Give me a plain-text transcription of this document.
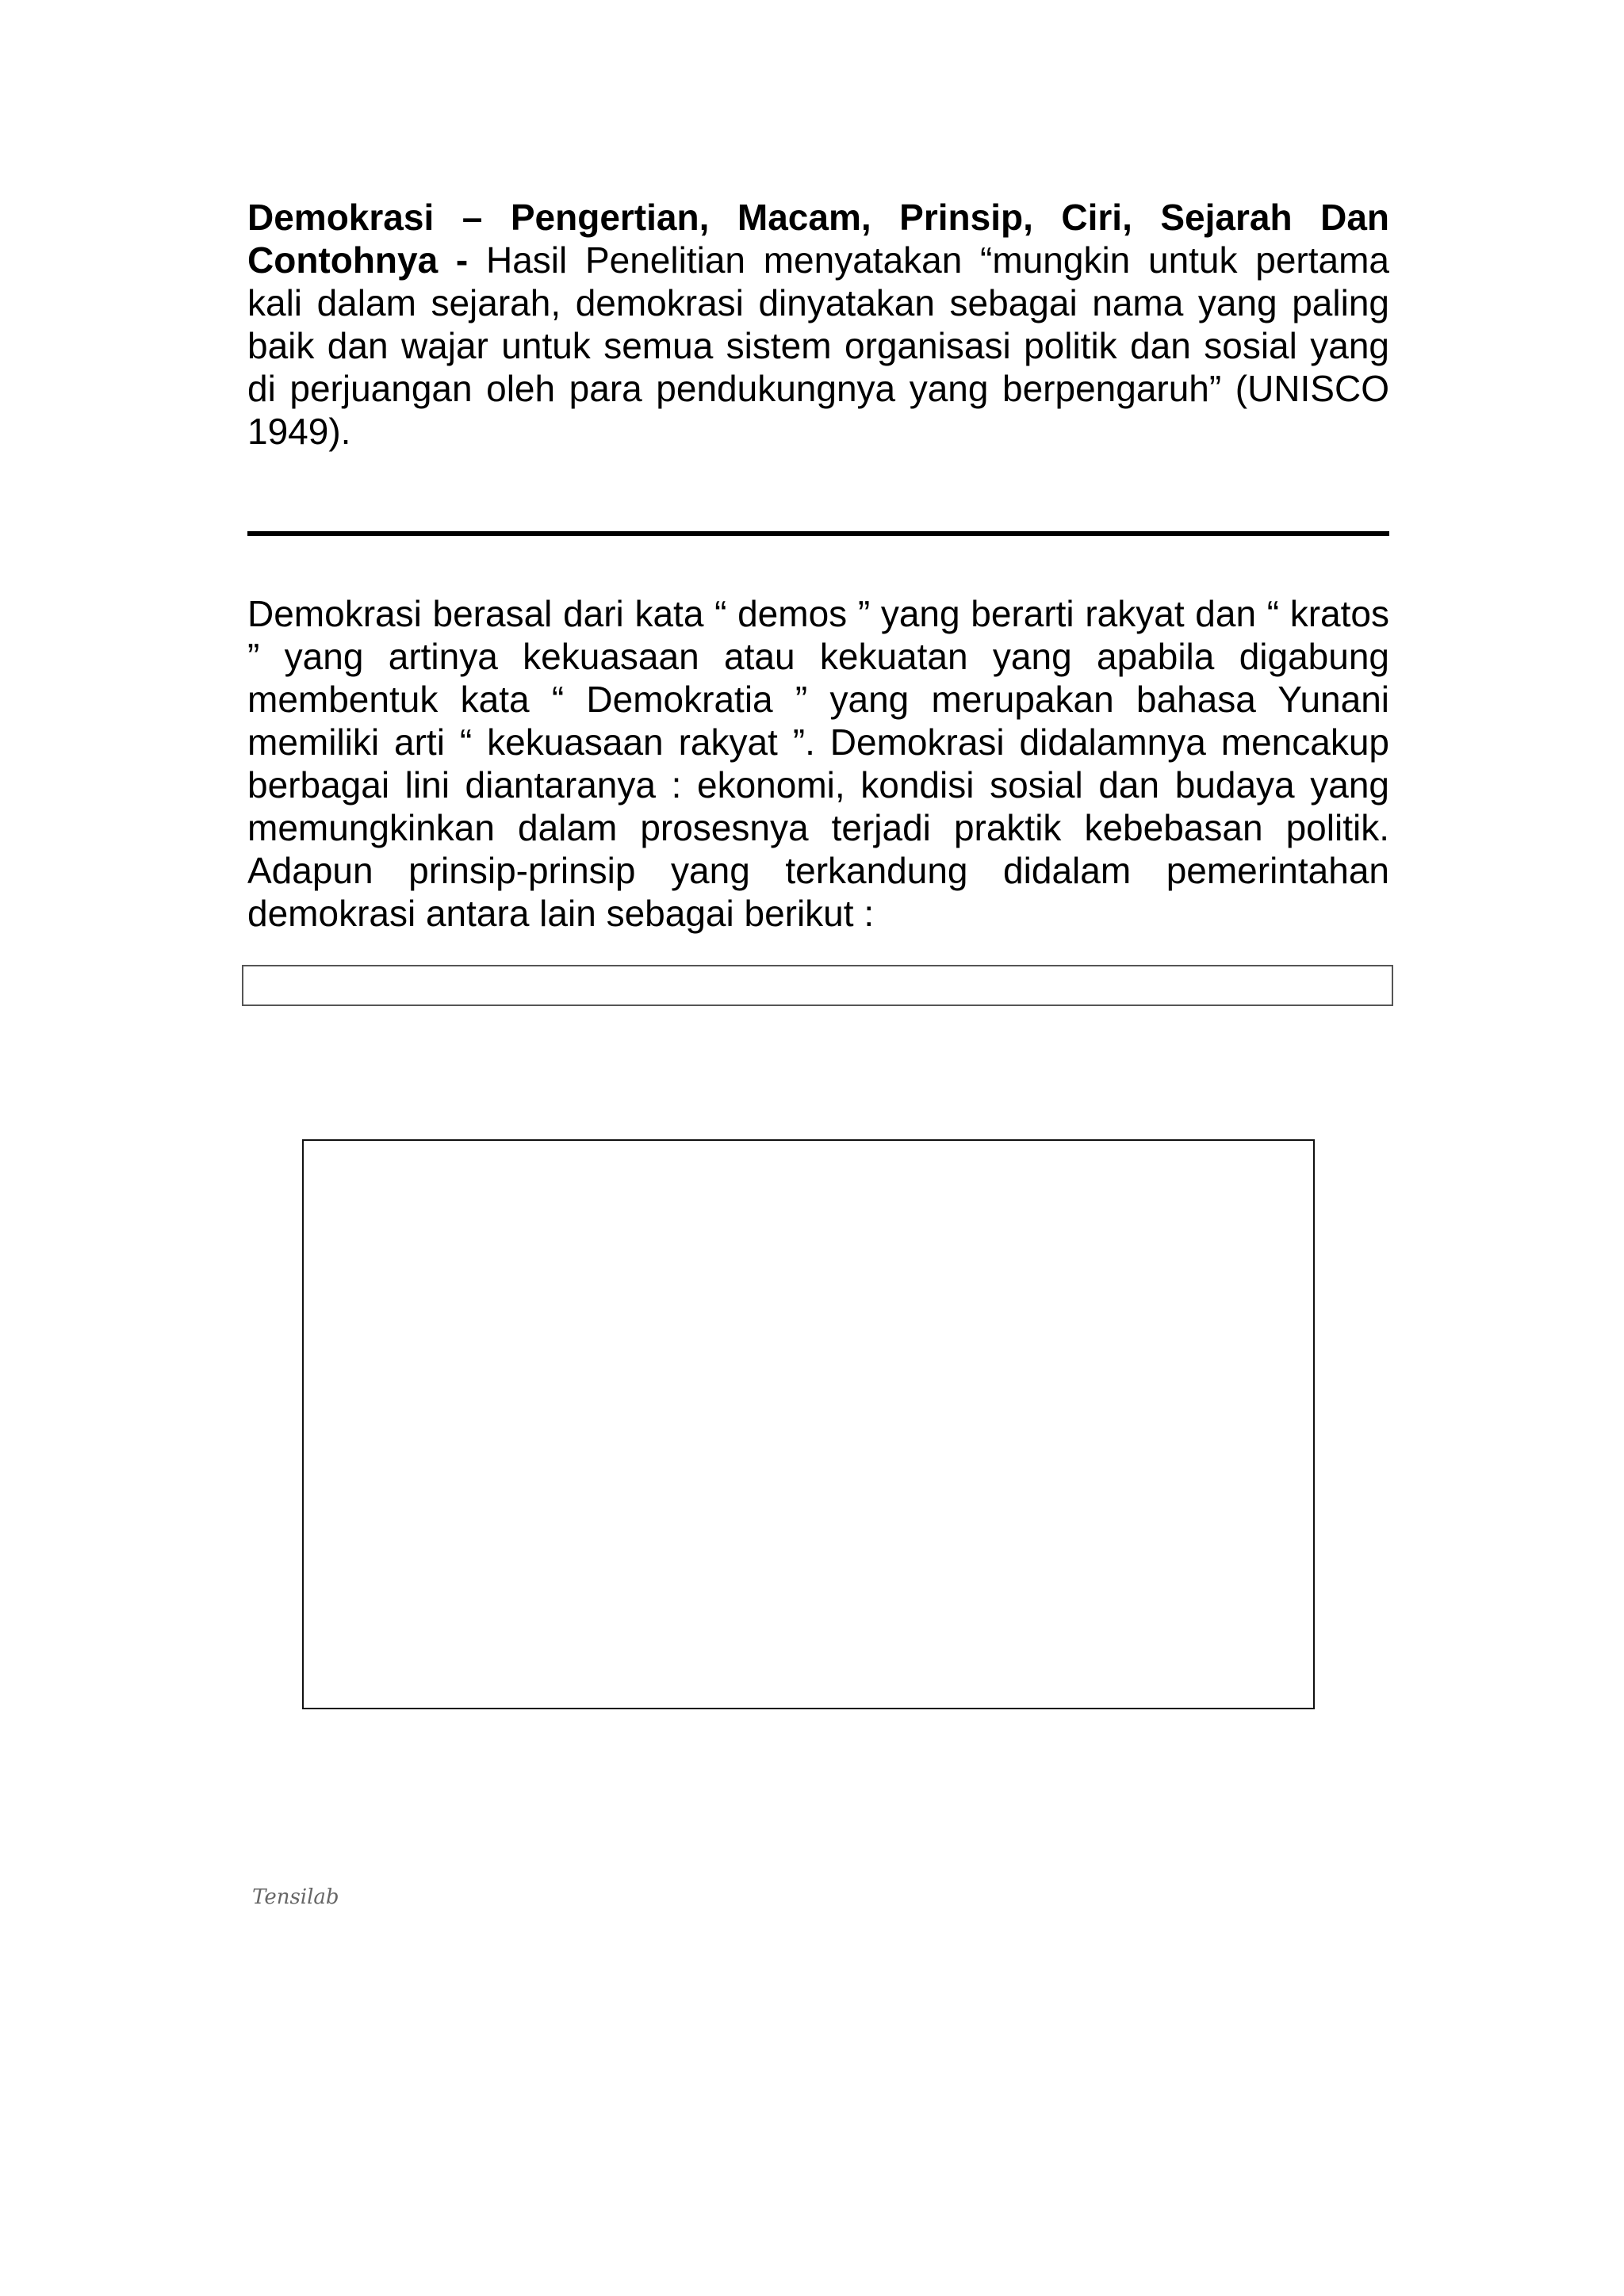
Demokrasi – Pengertian, Macam, Prinsip, Ciri, Sejarah Dan Contohnya - Hasil Penelitian menyatakan “mungkin untuk pertama kali dalam sejarah, demokrasi dinyatakan sebagai nama yang paling baik dan wajar untuk semua sistem organisasi politik dan sosial yang di perjuangan oleh para pendukungnya yang berpengaruh” (UNISCO 1949).

Demokrasi berasal dari kata “ demos ” yang berarti rakyat dan “ kratos ” yang artinya kekuasaan atau kekuatan yang apabila digabung membentuk kata “ Demokratia ” yang merupakan bahasa Yunani memiliki arti “ kekuasaan rakyat ”. Demokrasi didalamnya mencakup berbagai lini diantaranya : ekonomi, kondisi sosial dan budaya yang memungkinkan dalam prosesnya terjadi praktik kebebasan politik. Adapun prinsip-prinsip yang terkandung didalam pemerintahan demokrasi antara lain sebagai berikut :

Tensilab
